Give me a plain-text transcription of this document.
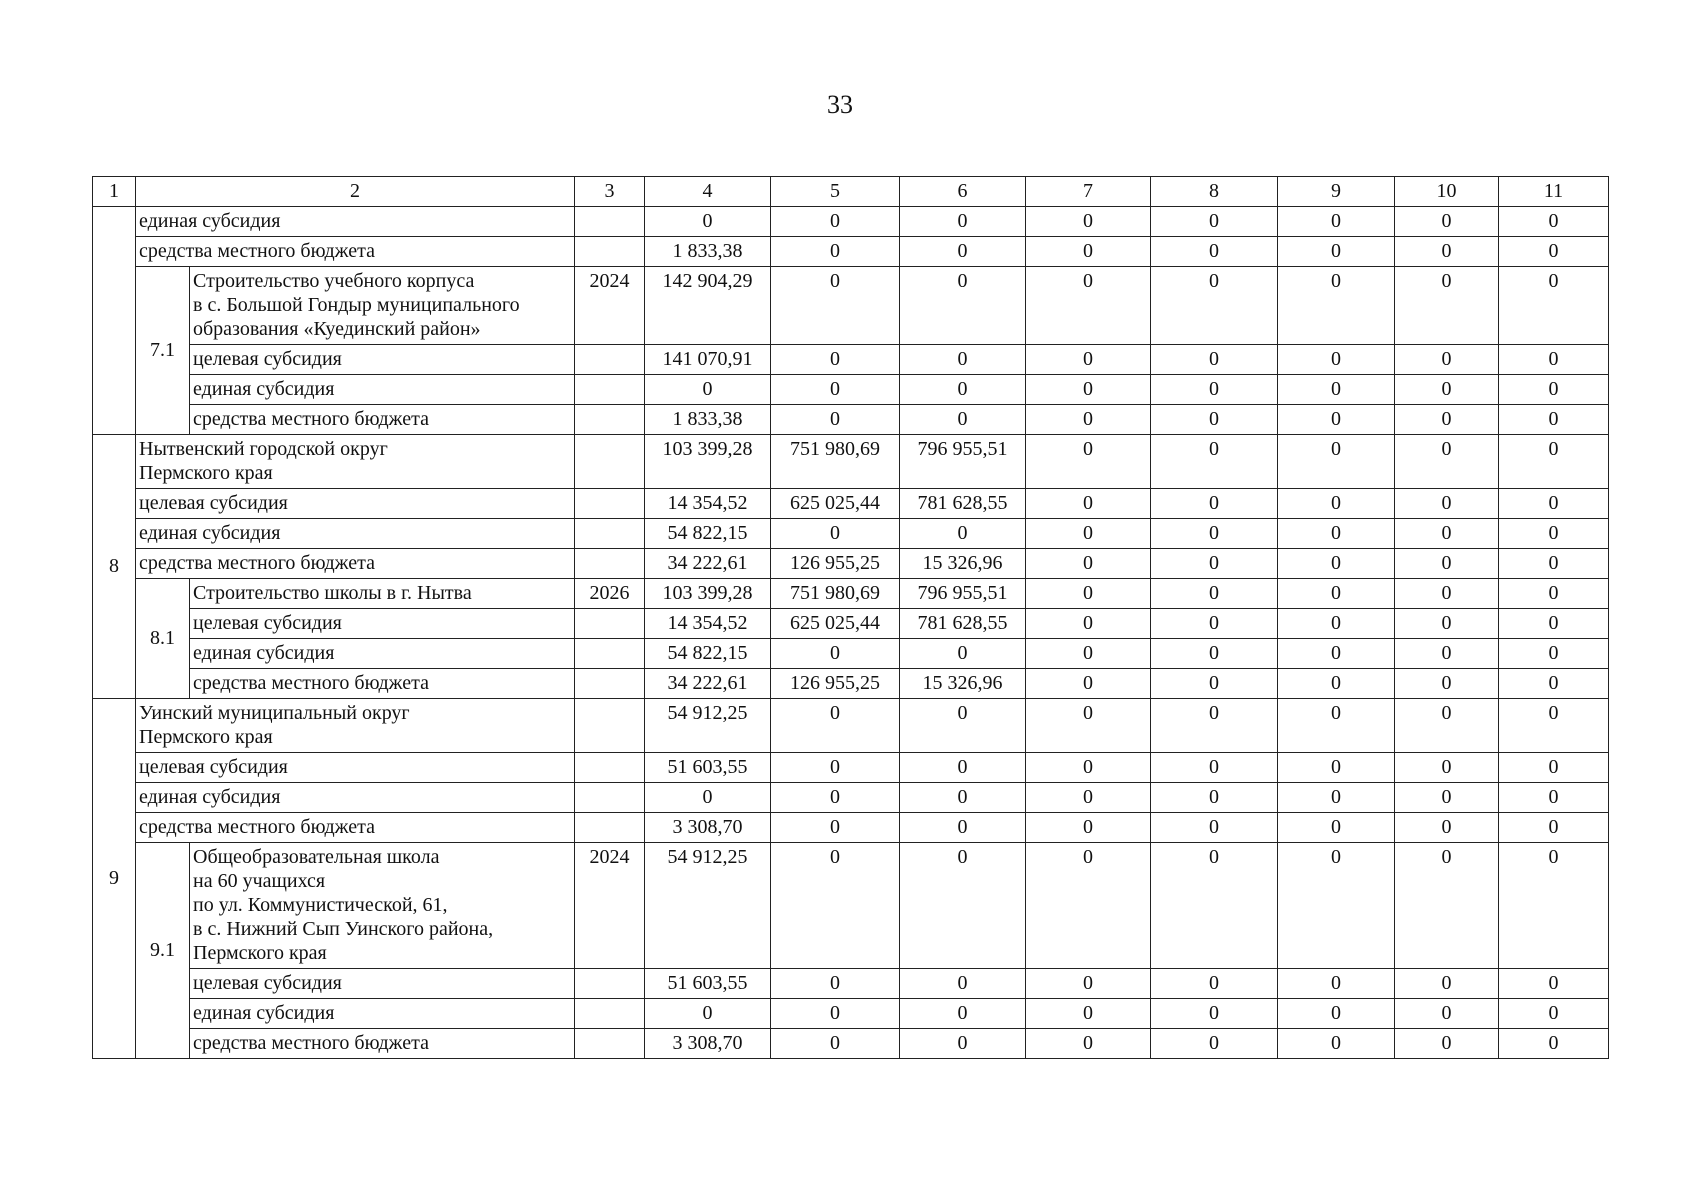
33
1	2		3	4	5	6	7	8	9	10	11

	единая субсидия			0	0	0	0	0	0	0	0

	средства местного бюджета			1 833,38	0	0	0	0	0	0	0
	7.1	Строительство учебного корпуса
в с. Большой Гондыр муниципального
образования «Куединский район»	2024	142 904,29	0	0	0	0	0	0	0

		целевая субсидия		141 070,91	0	0	0	0	0	0	0

		единая субсидия		0	0	0	0	0	0	0	0

		средства местного бюджета		1 833,38	0	0	0	0	0	0	0
8	Нытвенский городской округ
Пермского края			103 399,28	751 980,69	796 955,51	0	0	0	0	0

	целевая субсидия			14 354,52	625 025,44	781 628,55	0	0	0	0	0

	единая субсидия			54 822,15	0	0	0	0	0	0	0

	средства местного бюджета			34 222,61	126 955,25	15 326,96	0	0	0	0	0
	8.1	Строительство школы в г. Нытва	2026	103 399,28	751 980,69	796 955,51	0	0	0	0	0

		целевая субсидия		14 354,52	625 025,44	781 628,55	0	0	0	0	0

		единая субсидия		54 822,15	0	0	0	0	0	0	0

		средства местного бюджета		34 222,61	126 955,25	15 326,96	0	0	0	0	0
9	Уинский муниципальный округ
Пермского края			54 912,25	0	0	0	0	0	0	0

	целевая субсидия			51 603,55	0	0	0	0	0	0	0

	единая субсидия			0	0	0	0	0	0	0	0

	средства местного бюджета			3 308,70	0	0	0	0	0	0	0
	9.1	Общеобразовательная школа
на 60 учащихся
по ул. Коммунистической, 61,
в с. Нижний Сып Уинского района,
Пермского края	2024	54 912,25	0	0	0	0	0	0	0

		целевая субсидия		51 603,55	0	0	0	0	0	0	0

		единая субсидия		0	0	0	0	0	0	0	0

		средства местного бюджета		3 308,70	0	0	0	0	0	0	0
